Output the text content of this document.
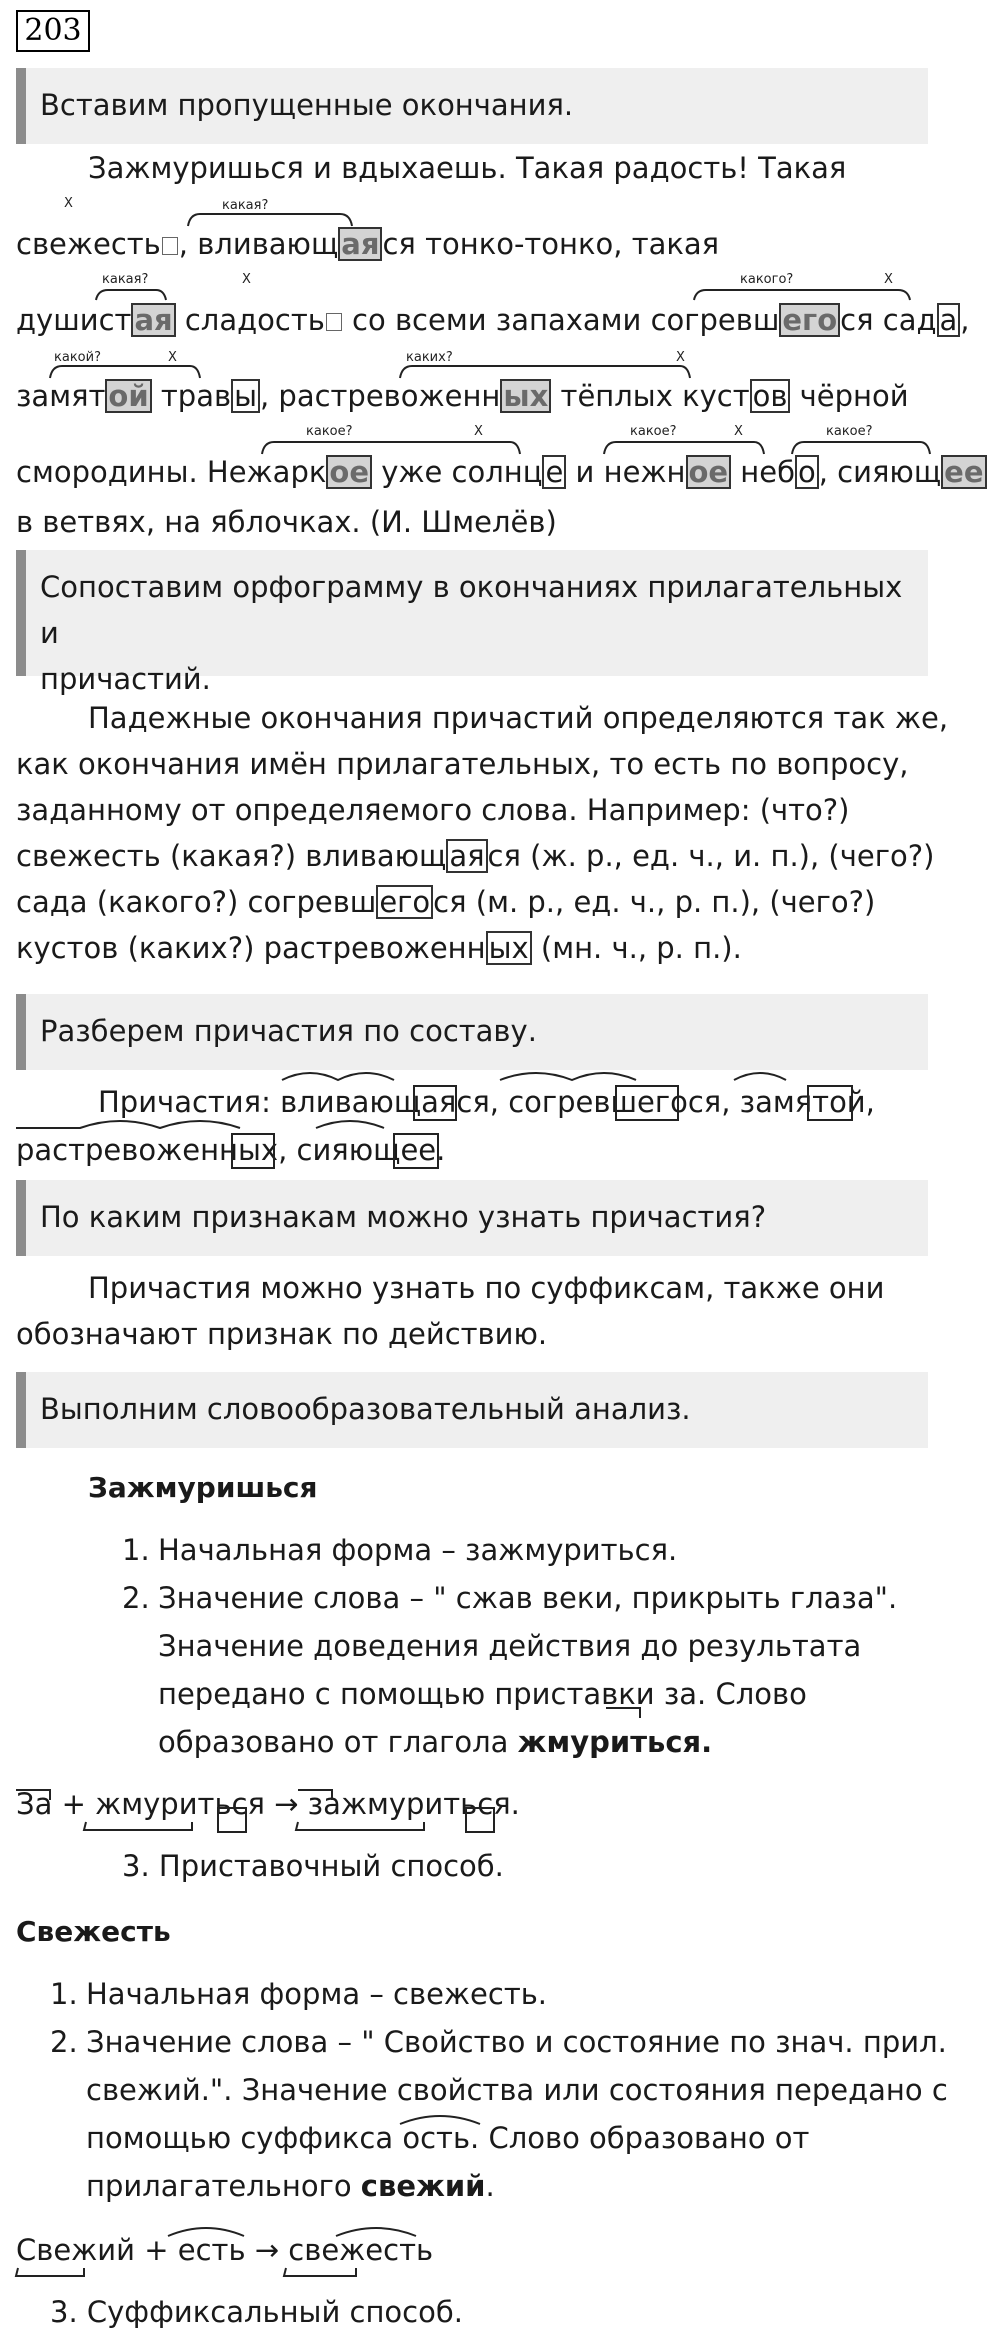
203
Вставим пропущенные окончания.
Х	какая?
какая?	Х	какого?	Х
какой?	Х	каких?	Х
какое?	Х	какое?	Х	какое?
Зажмуришься и вдыхаешь. Такая радость! Такая
свежесть , вливающ ая ся тонко-тонко, такая
душист ая сладость со всеми запахами согревш его ся сад а ,
замят ой трав ы , растревоженн ых тёплых куст ов чёрной
смородины. Нежарк ое уже солнц е и нежн ое неб о , сияющ ее
в ветвях, на яблочках. (И. Шмелёв)
Сопоставим орфограмму в окончаниях прилагательных и
причастий.
Падежные окончания причастий определяются так же,
как окончания имён прилагательных, то есть по вопросу,
заданному от определяемого слова. Например: (что?)
свежесть (какая?) вливающ ая ся (ж. р., ед. ч., и. п.), (чего?)
сада (какого?) согревш его ся (м. р., ед. ч., р. п.), (чего?)
кустов (каких?) растревоженн ых (мн. ч., р. п.).
Разберем причастия по составу.
Причастия: вливающаяся, согревшегося, замятой,
растревоженных, сияющее.
По каким признакам можно узнать причастия?
Причастия можно узнать по суффиксам, также они
обозначают признак по действию.
Выполним словообразовательный анализ.
Зажмуришься
1. Начальная форма – зажмуриться.
2. Значение слова – " сжав веки, прикрыть глаза".
Значение доведения действия до результата
передано с помощью приставки за. Слово
образовано от глагола жмуриться.
За + жмуриться → зажмуриться.
3. Приставочный способ.
Свежесть
1. Начальная форма – свежесть.
2. Значение слова – " Свойство и состояние по знач. прил.
свежий.". Значение свойства или состояния передано с
помощью суффикса ость. Слово образовано от
прилагательного свежий.
Свежий + есть → свежесть
3. Суффиксальный способ.
